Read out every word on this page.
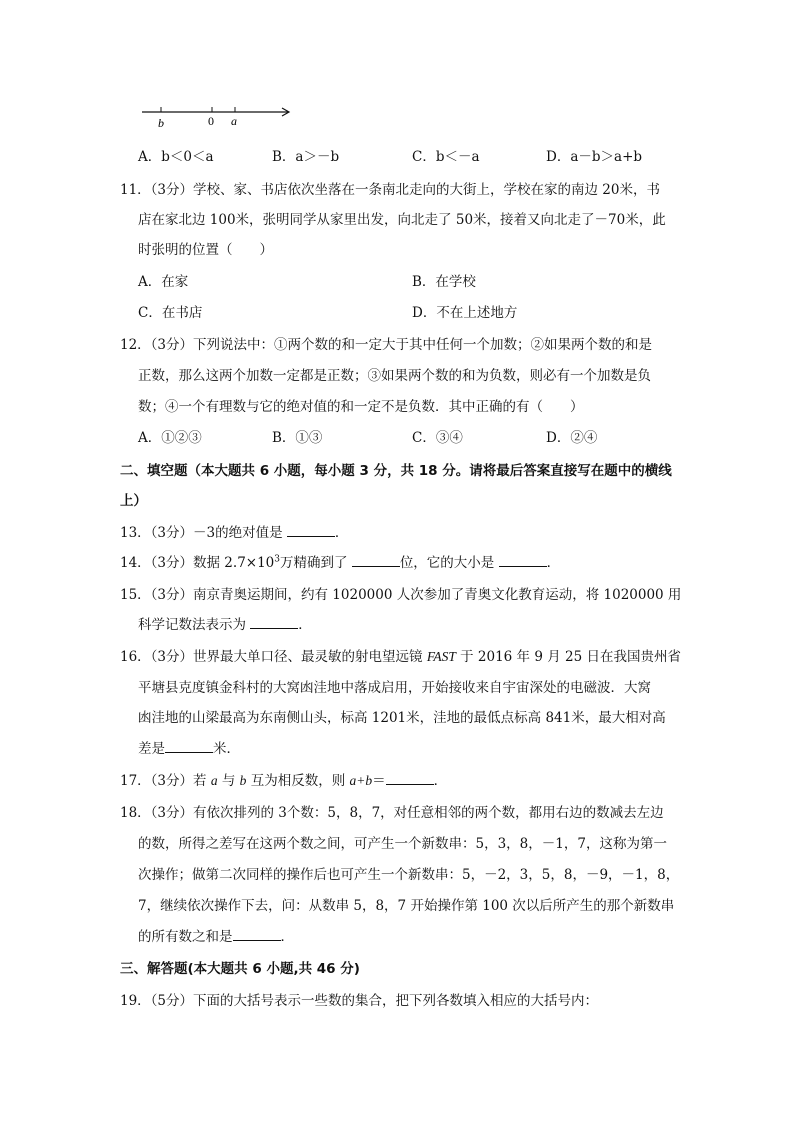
b	0 a
A．b＜0＜a	B．a＞－b	C．b＜－a	D．a－b＞a+b
11．（3分）学校、家、书店依次坐落在一条南北走向的大街上，学校在家的南边 20米，书
店在家北边 100米，张明同学从家里出发，向北走了 50米，接着又向北走了－70米，此
时张明的位置（　　）
A．在家	B．在学校
C．在书店	D．不在上述地方
12．（3分）下列说法中：①两个数的和一定大于其中任何一个加数；②如果两个数的和是
正数，那么这两个加数一定都是正数；③如果两个数的和为负数，则必有一个加数是负
数；④一个有理数与它的绝对值的和一定不是负数．其中正确的有（　　）
A．①②③	B．①③	C．③④	D．②④
二、填空题（本大题共 6 小题，每小题 3 分，共 18 分。请将最后答案直接写在题中的横线
上）
13．（3分）－3的绝对值是	．
14．（3分）数据 $2.7\times 10^3$万精确到了	位，它的大小是	．
15．（3分）南京青奥运期间，约有 1020000 人次参加了青奥文化教育运动，将 1020000 用
科学记数法表示为	．
16．（3分）世界最大单口径、最灵敏的射电望远镜 FAST 于 2016 年 9 月 25 日在我国贵州省
平塘县克度镇金科村的大窝凼洼地中落成启用，开始接收来自宇宙深处的电磁波．大窝
凼洼地的山梁最高为东南侧山头，标高 1201米，洼地的最低点标高 841米，最大相对高
差是	米．
17．（3分）若 a 与 b 互为相反数，则 a+b＝	．
18．（3分）有依次排列的 3个数：5，8，7，对任意相邻的两个数，都用右边的数减去左边
的数，所得之差写在这两个数之间，可产生一个新数串：5，3，8，－1，7，这称为第一
次操作；做第二次同样的操作后也可产生一个新数串：5，－2，3，5，8，－9，－1，8，
7，继续依次操作下去，问：从数串 5，8，7 开始操作第 100 次以后所产生的那个新数串
的所有数之和是	．
三、解答题(本大题共 6 小题,共 46 分)
19．（5分）下面的大括号表示一些数的集合，把下列各数填入相应的大括号内：
